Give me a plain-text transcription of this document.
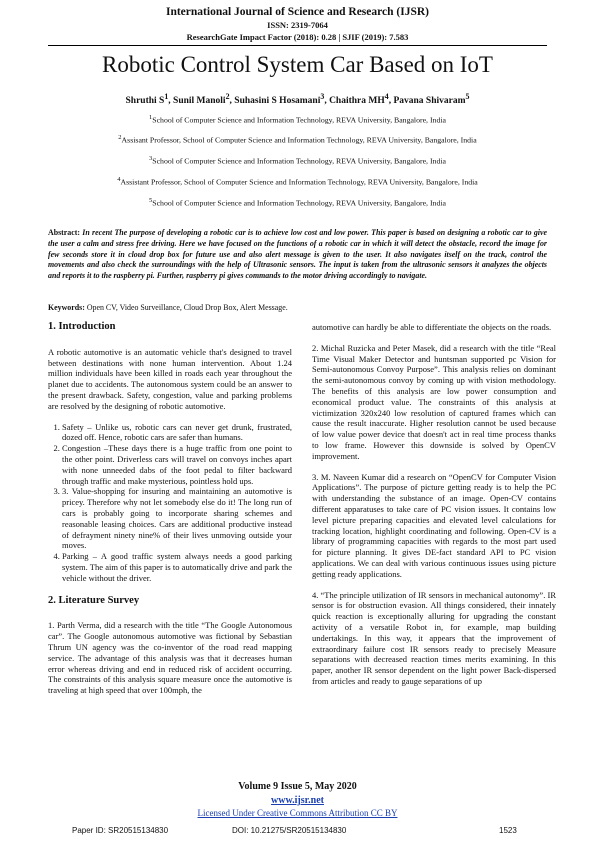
International Journal of Science and Research (IJSR)
ISSN: 2319-7064
ResearchGate Impact Factor (2018): 0.28 | SJIF (2019): 7.583
Robotic Control System Car Based on IoT
Shruthi $S^1$, Sunil Manoli$^2$, Suhasini S Hosamani$^3$, Chaithra $MH^4$, Pavana Shivaram$^5$
$^1$School of Computer Science and Information Technology, REVA University, Bangalore, India
$^2$Assisant Professor, School of Computer Science and Information Technology, REVA University, Bangalore, India
$^3$School of Computer Science and Information Technology, REVA University, Bangalore, India
$^4$Assistant Professor, School of Computer Science and Information Technology, REVA University, Bangalore, India
$^5$School of Computer Science and Information Technology, REVA University, Bangalore, India
Abstract: In recent The purpose of developing a robotic car is to achieve low cost and low power. This paper is based on designing a robotic car to give the user a calm and stress free driving. Here we have focused on the functions of a robotic car in which it will detect the obstacle, record the image for few seconds store it in cloud drop box for future use and also alert message is given to the user. It also navigates itself on the track, control the movements and also check the surroundings with the help of Ultrasonic sensors. The input is taken from the ultrasonic sensors it analyzes the objects and reports it to the raspberry pi. Further, raspberry pi gives commands to the motor driving accordingly to navigate.
Keywords: Open CV, Video Surveillance, Cloud Drop Box, Alert Message.
1. Introduction

A robotic automotive is an automatic vehicle that's designed to travel between destinations with none human intervention. About 1.24 million individuals have been killed in roads each year throughout the planet due to accidents. The autonomous system could be an answer to the present drawback. Safety, congestion, value and parking problems are resolved by the designing of robotic automotive.

1. Safety – Unlike us, robotic cars can never get drunk, frustrated, dozed off. Hence, robotic cars are safer than humans.
2. Congestion –These days there is a huge traffic from one point to the other point. Driverless cars will travel on convoys inches apart with none unneeded dabs of the foot pedal to filter backward through traffic and make mysterious, pointless hold ups.
3. 3. Value-shopping for insuring and maintaining an automotive is pricey. Therefore why not let somebody else do it! The long run of cars is probably going to incorporate sharing schemes and reasonable leasing choices. Cars are additional productive instead of defrayment ninety nine% of their lives unmoving outside your moves.
4. Parking – A good traffic system always needs a good parking system. The aim of this paper is to automatically drive and park the vehicle without the driver.
2. Literature Survey

1. Parth Verma, did a research with the title “The Google Autonomous car”. The Google autonomous automotive was fictional by Sebastian Thrum UN agency was the co-inventor of the road read mapping service. The advantage of this analysis was that it decreases human error whereas driving and end in reduced risk of accident occurring. The constraints of this analysis square measure once the automotive is traveling at high speed that over 100mph, the

automotive can hardly be able to differentiate the objects on the roads.

2. Michal Ruzicka and Peter Masek, did a research with the title “Real Time Visual Maker Detector and huntsman supported pc Vision for Semi-autonomous Convoy Purpose”. This analysis relies on dominant the semi-autonomous convoy by coming up with vision methodology. The benefits of this analysis are low power consumption and economical product value. The constraints of this analysis at victimization 320x240 low resolution of captured frames which can cause the result inaccurate. Higher resolution cannot be used because of low value power device that doesn't act in real time process thanks to low frame. However this downside is solved by OpenCV improvement.

3. M. Naveen Kumar did a research on “OpenCV for Computer Vision Applications”. The purpose of picture getting ready is to help the PC with understanding the substance of an image. Open-CV contains different apparatuses to take care of PC vision issues. It contains low level picture preparing capacities and elevated level calculations for tracking location, highlight coordinating and following. Open-CV is a library of programming capacities with regards to the most part used for picture planning. It gives DE-fact standard API to PC vision applications. We can deal with various continuous issues using picture getting ready applications.

4. “The principle utilization of IR sensors in mechanical autonomy”. IR sensor is for obstruction evasion. All things considered, their innately quick reaction is exceptionally alluring for upgrading the constant activity of a versatile Robot in, for example, map building undertakings. In this way, it appears that the improvement of extraordinary failure cost IR sensors ready to precisely Measure separations with decreased reaction times merits examining. In this paper, another IR sensor dependent on the light power Back-dispersed from articles and ready to gauge separations of up

Volume 9 Issue 5, May 2020
www.ijsr.net
Licensed Under Creative Commons Attribution CC BY
Paper ID: SR20515134830	DOI: 10.21275/SR20515134830	1523
